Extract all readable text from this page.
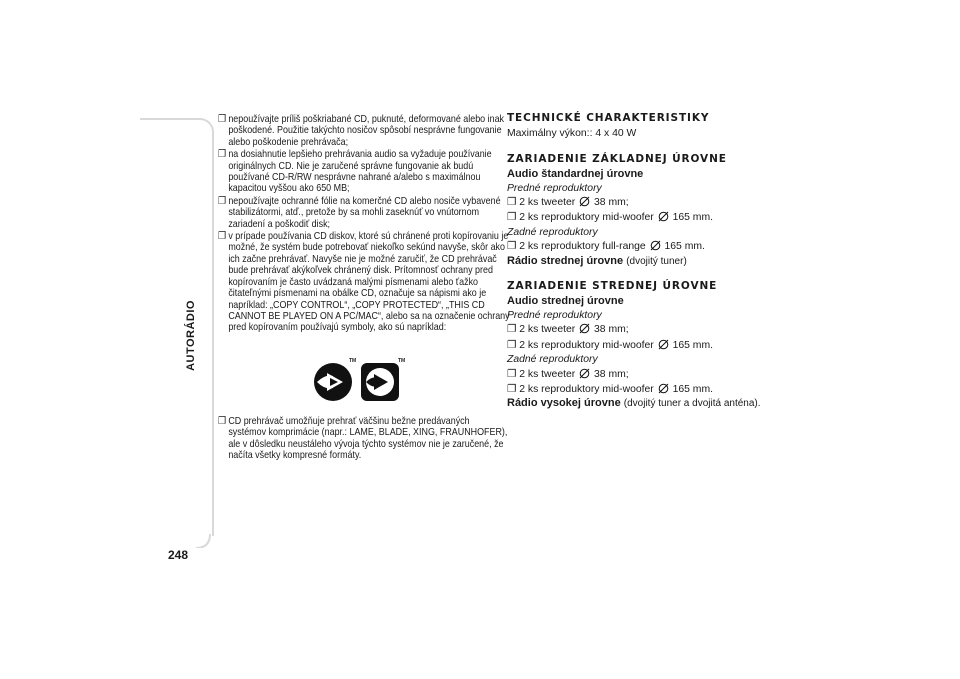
AUTORÁDIO
248
❐ nepoužívajte príliš poškriabané CD, puknuté, deformované alebo inak poškodené. Použitie takýchto nosičov spôsobí nesprávne fungovanie alebo poškodenie prehrávača;
❐ na dosiahnutie lepšieho prehrávania audio sa vyžaduje používanie originálnych CD. Nie je zaručené správne fungovanie ak budú používané CD-R/RW nesprávne nahrané a/alebo s maximálnou kapacitou vyššou ako 650 MB;
❐ nepoužívajte ochranné fólie na komerčné CD alebo nosiče vybavené stabilizátormi, atď., pretože by sa mohli zaseknúť vo vnútornom zariadení a poškodiť disk;
❐ v prípade používania CD diskov, ktoré sú chránené proti kopírovaniu je možné, že systém bude potrebovať niekoľko sekúnd navyše, skôr ako ich začne prehrávať. Navyše nie je možné zaručiť, že CD prehrávač bude prehrávať akýkoľvek chránený disk. Prítomnosť ochrany pred kopírovaním je často uvádzaná malými písmenami alebo ťažko čitateľnými písmenami na obálke CD, označuje sa nápismi ako je napríklad: „COPY CONTROL“, „COPY PROTECTED“, „THIS CD CANNOT BE PLAYED ON A PC/MAC“, alebo sa na označenie ochrany pred kopírovaním používajú symboly, ako sú napríklad:
TM	TM
❐ CD prehrávač umožňuje prehrať väčšinu bežne predávaných systémov komprimácie (napr.: LAME, BLADE, XING, FRAUNHOFER), ale v dôsledku neustáleho vývoja týchto systémov nie je zaručené, že načíta všetky kompresné formáty.
TECHNICKÉ CHARAKTERISTIKY
Maximálny výkon:: 4 x 40 W
ZARIADENIE ZÁKLADNEJ ÚROVNE
Audio štandardnej úrovne
Predné reproduktory
❐ 2 ks tweeter 38 mm;
❐ 2 ks reproduktory mid-woofer 165 mm.
Zadné reproduktory
❐ 2 ks reproduktory full-range 165 mm.
Rádio strednej úrovne (dvojitý tuner)
ZARIADENIE STREDNEJ ÚROVNE
Audio strednej úrovne
Predné reproduktory
❐ 2 ks tweeter 38 mm;
❐ 2 ks reproduktory mid-woofer 165 mm.
Zadné reproduktory
❐ 2 ks tweeter 38 mm;
❐ 2 ks reproduktory mid-woofer 165 mm.
Rádio vysokej úrovne (dvojitý tuner a dvojitá anténa).
